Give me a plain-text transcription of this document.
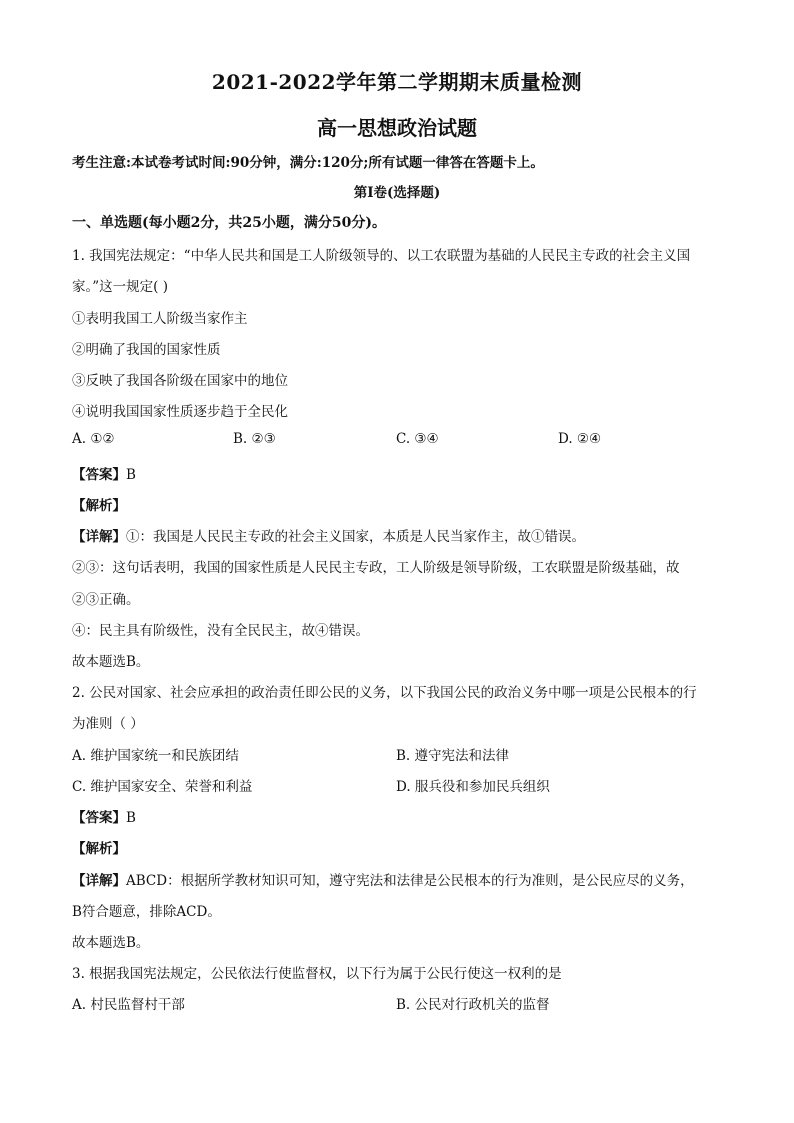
2021-2022学年第二学期期末质量检测
高一思想政治试题
考生注意:本试卷考试时间:90分钟，满分:120分;所有试题一律答在答题卡上。
第Ⅰ卷(选择题)
一、单选题(每小题2分，共25小题，满分50分)。
1. 我国宪法规定：“中华人民共和国是工人阶级领导的、以工农联盟为基础的人民民主专政的社会主义国
家。”这一规定( )
①表明我国工人阶级当家作主
②明确了我国的国家性质
③反映了我国各阶级在国家中的地位
④说明我国国家性质逐步趋于全民化
A. ①②	B. ②③	C. ③④	D. ②④
【答案】B
【解析】
【详解】①：我国是人民民主专政的社会主义国家，本质是人民当家作主，故①错误。
②③：这句话表明，我国的国家性质是人民民主专政，工人阶级是领导阶级，工农联盟是阶级基础，故
②③正确。
④：民主具有阶级性，没有全民民主，故④错误。
故本题选B。
2. 公民对国家、社会应承担的政治责任即公民的义务，以下我国公民的政治义务中哪一项是公民根本的行
为准则（ ）
A. 维护国家统一和民族团结	B. 遵守宪法和法律
C. 维护国家安全、荣誉和利益	D. 服兵役和参加民兵组织
【答案】B
【解析】
【详解】ABCD：根据所学教材知识可知，遵守宪法和法律是公民根本的行为准则，是公民应尽的义务，
B符合题意，排除ACD。
故本题选B。
3. 根据我国宪法规定，公民依法行使监督权，以下行为属于公民行使这一权利的是
A. 村民监督村干部	B. 公民对行政机关的监督
